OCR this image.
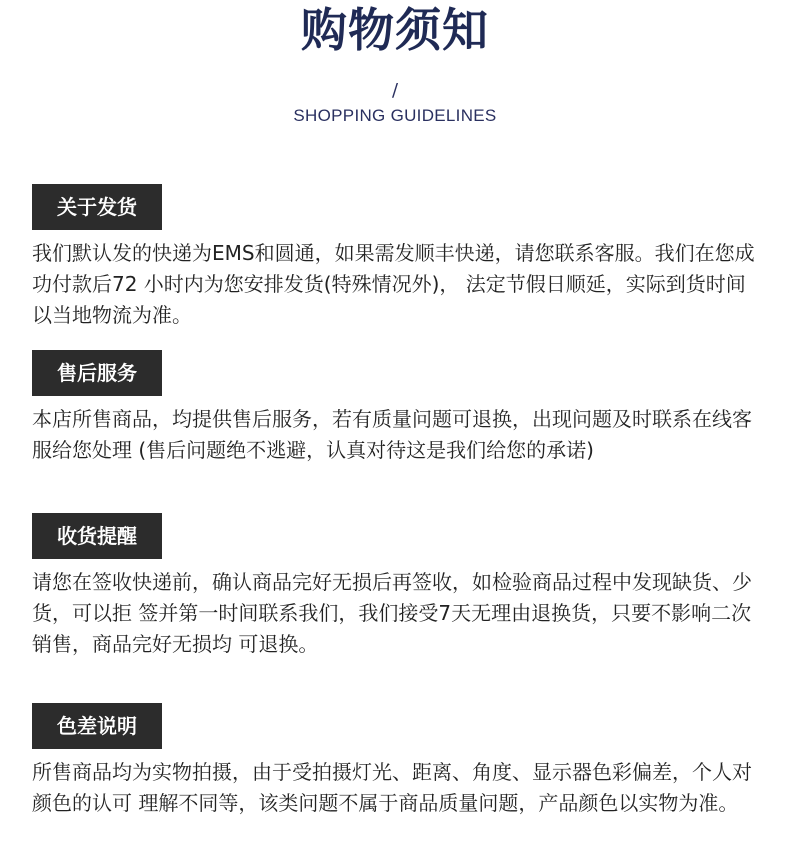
购物须知
/
SHOPPING GUIDELINES
关于发货
我们默认发的快递为EMS和圆通，如果需发顺丰快递，请您联系客服。我们在您成功付款后72 小时内为您安排发货(特殊情况外)， 法定节假日顺延，实际到货时间以当地物流为准。
售后服务
本店所售商品，均提供售后服务，若有质量问题可退换，出现问题及时联系在线客服给您处理 (售后问题绝不逃避，认真对待这是我们给您的承诺)
收货提醒
请您在签收快递前，确认商品完好无损后再签收，如检验商品过程中发现缺货、少货，可以拒 签并第一时间联系我们，我们接受7天无理由退换货，只要不影响二次销售，商品完好无损均 可退换。
色差说明
所售商品均为实物拍摄，由于受拍摄灯光、距离、角度、显示器色彩偏差，个人对颜色的认可 理解不同等，该类问题不属于商品质量问题，产品颜色以实物为准。
